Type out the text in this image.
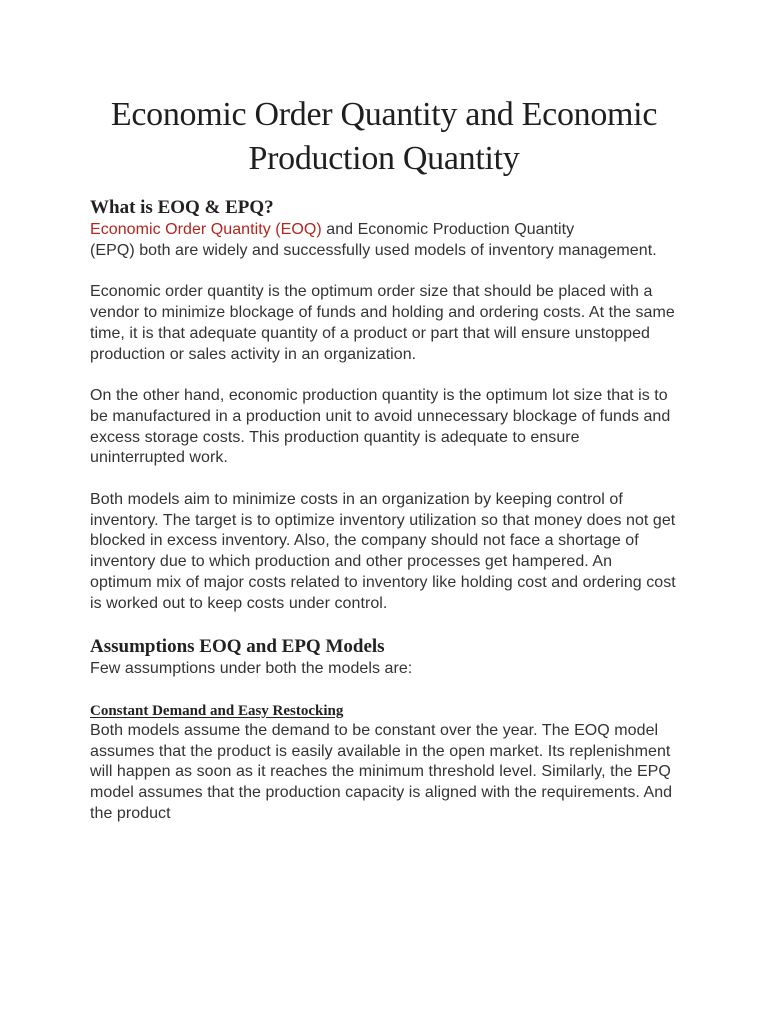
Economic Order Quantity and Economic
Production Quantity
What is EOQ & EPQ?

Economic Order Quantity (EOQ) and Economic Production Quantity
(EPQ) both are widely and successfully used models of inventory management.

Economic order quantity is the optimum order size that should be placed with a vendor to minimize blockage of funds and holding and ordering costs. At the same time, it is that adequate quantity of a product or part that will ensure unstopped production or sales activity in an organization.

On the other hand, economic production quantity is the optimum lot size that is to be manufactured in a production unit to avoid unnecessary blockage of funds and excess storage costs. This production quantity is adequate to ensure uninterrupted work.

Both models aim to minimize costs in an organization by keeping control of inventory. The target is to optimize inventory utilization so that money does not get blocked in excess inventory. Also, the company should not face a shortage of inventory due to which production and other processes get hampered. An optimum mix of major costs related to inventory like holding cost and ordering cost is worked out to keep costs under control.

Assumptions EOQ and EPQ Models

Few assumptions under both the models are:

Constant Demand and Easy Restocking

Both models assume the demand to be constant over the year. The EOQ model assumes that the product is easily available in the open market. Its replenishment will happen as soon as it reaches the minimum threshold level. Similarly, the EPQ model assumes that the production capacity is aligned with the requirements. And the product
